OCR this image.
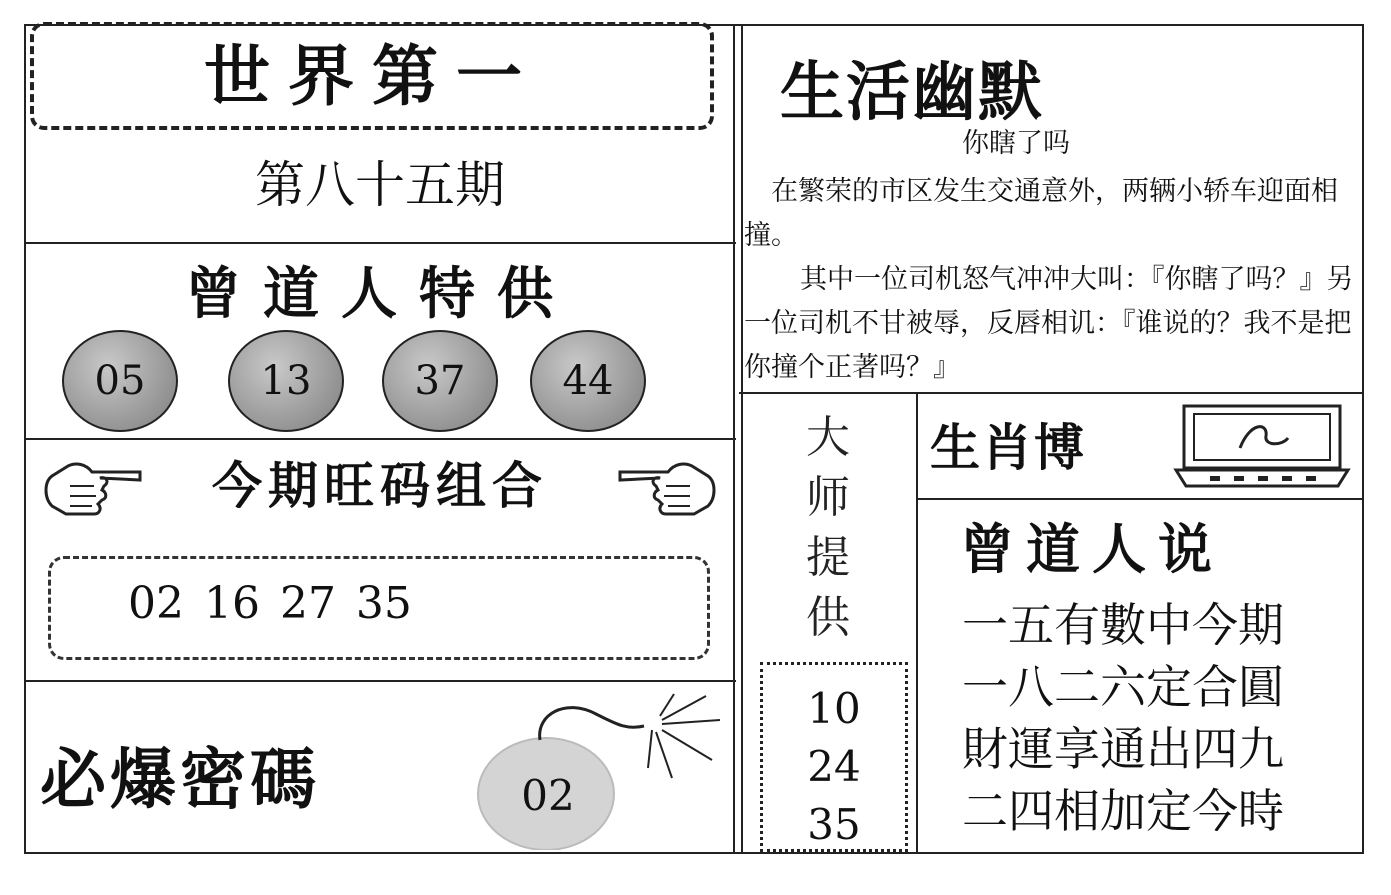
世界第一
第八十五期
曾道人特供
05	13	37	44
今期旺码组合
02 16 27 35
必爆密碼	02
生活幽默
你瞎了吗

在繁荣的市区发生交通意外，两辆小轿车迎面相撞。

其中一位司机怒气冲冲大叫：『你瞎了吗？』另一位司机不甘被辱，反唇相讥：『谁说的？我不是把你撞个正著吗？』

大
师
提
供
10
24
35
生肖博
曾道人说
一五有數中今期
一八二六定合圓
財運享通出四九
二四相加定今時
